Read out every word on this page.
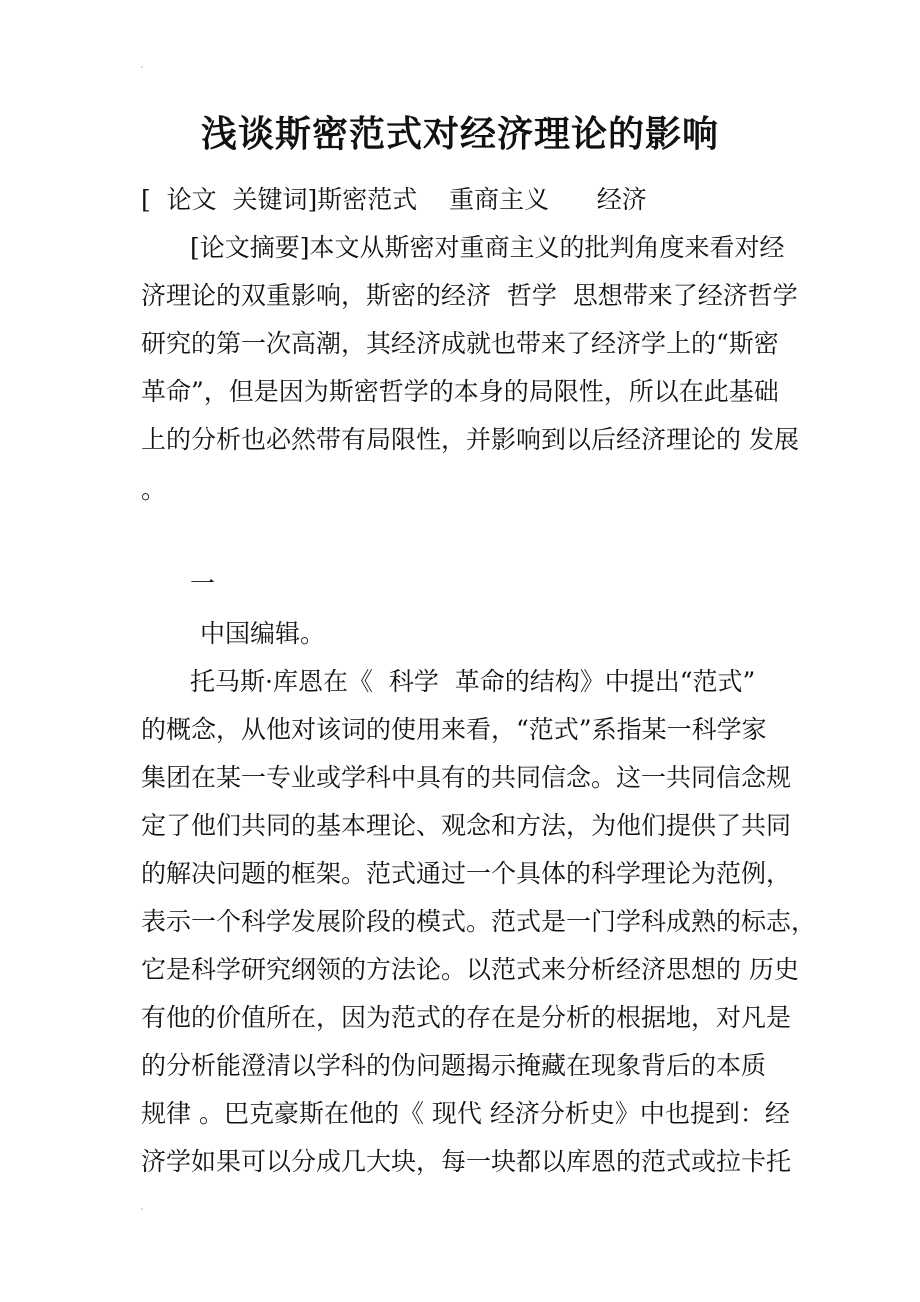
浅谈斯密范式对经济理论的影响
[  论文  关键词]斯密范式    重商主义      经济
[论文摘要]本文从斯密对重商主义的批判角度来看对经
济理论的双重影响，斯密的经济  哲学  思想带来了经济哲学
研究的第一次高潮，其经济成就也带来了经济学上的“斯密
革命”，但是因为斯密哲学的本身的局限性，所以在此基础
上的分析也必然带有局限性，并影响到以后经济理论的 发展
。
一
中国编辑。
托马斯·库恩在《  科学  革命的结构》中提出“范式”
的概念，从他对该词的使用来看，“范式”系指某一科学家
集团在某一专业或学科中具有的共同信念。这一共同信念规
定了他们共同的基本理论、观念和方法，为他们提供了共同
的解决问题的框架。范式通过一个具体的科学理论为范例，
表示一个科学发展阶段的模式。范式是一门学科成熟的标志，
它是科学研究纲领的方法论。以范式来分析经济思想的 历史
有他的价值所在，因为范式的存在是分析的根据地，对凡是
的分析能澄清以学科的伪问题揭示掩藏在现象背后的本质
规律 。巴克豪斯在他的《 现代 经济分析史》中也提到：经
济学如果可以分成几大块，每一块都以库恩的范式或拉卡托
